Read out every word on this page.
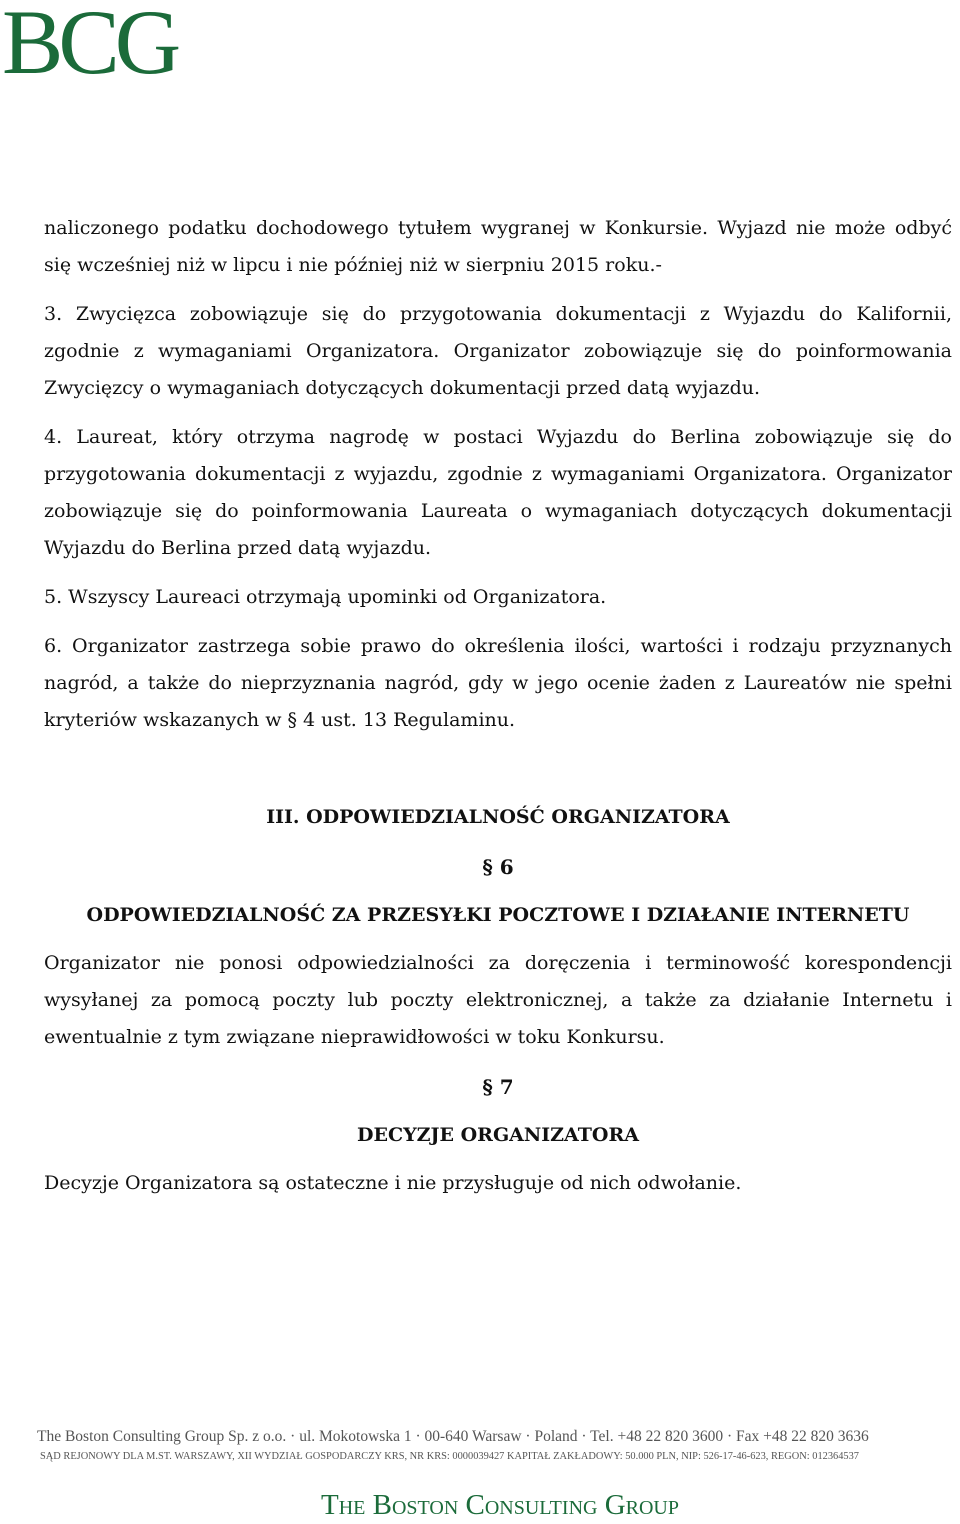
BCG

naliczonego podatku dochodowego tytułem wygranej w Konkursie. Wyjazd nie może odbyć się wcześniej niż w lipcu i nie później niż w sierpniu 2015 roku.-

3. Zwycięzca zobowiązuje się do przygotowania dokumentacji z Wyjazdu do Kalifornii, zgodnie z wymaganiami Organizatora. Organizator zobowiązuje się do poinformowania Zwycięzcy o wymaganiach dotyczących dokumentacji przed datą wyjazdu.

4. Laureat, który otrzyma nagrodę w postaci Wyjazdu do Berlina zobowiązuje się do przygotowania dokumentacji z wyjazdu, zgodnie z wymaganiami Organizatora. Organizator zobowiązuje się do poinformowania Laureata o wymaganiach dotyczących dokumentacji Wyjazdu do Berlina przed datą wyjazdu.

5. Wszyscy Laureaci otrzymają upominki od Organizatora.

6. Organizator zastrzega sobie prawo do określenia ilości, wartości i rodzaju przyznanych nagród, a także do nieprzyznania nagród, gdy w jego ocenie żaden z Laureatów nie spełni kryteriów wskazanych w § 4 ust. 13 Regulaminu.

III. ODPOWIEDZIALNOŚĆ ORGANIZATORA
§ 6
ODPOWIEDZIALNOŚĆ ZA PRZESYŁKI POCZTOWE I DZIAŁANIE INTERNETU

Organizator nie ponosi odpowiedzialności za doręczenia i terminowość korespondencji wysyłanej za pomocą poczty lub poczty elektronicznej, a także za działanie Internetu i ewentualnie z tym związane nieprawidłowości w toku Konkursu.

§ 7
DECYZJE ORGANIZATORA

Decyzje Organizatora są ostateczne i nie przysługuje od nich odwołanie.

The Boston Consulting Group Sp. z o.o. · ul. Mokotowska 1 · 00-640 Warsaw · Poland · Tel. +48 22 820 3600 · Fax +48 22 820 3636
SĄD REJONOWY DLA M.ST. WARSZAWY, XII WYDZIAŁ GOSPODARCZY KRS, NR KRS: 0000039427 KAPITAŁ ZAKŁADOWY: 50.000 PLN, NIP: 526-17-46-623, REGON: 012364537
The Boston Consulting Group
